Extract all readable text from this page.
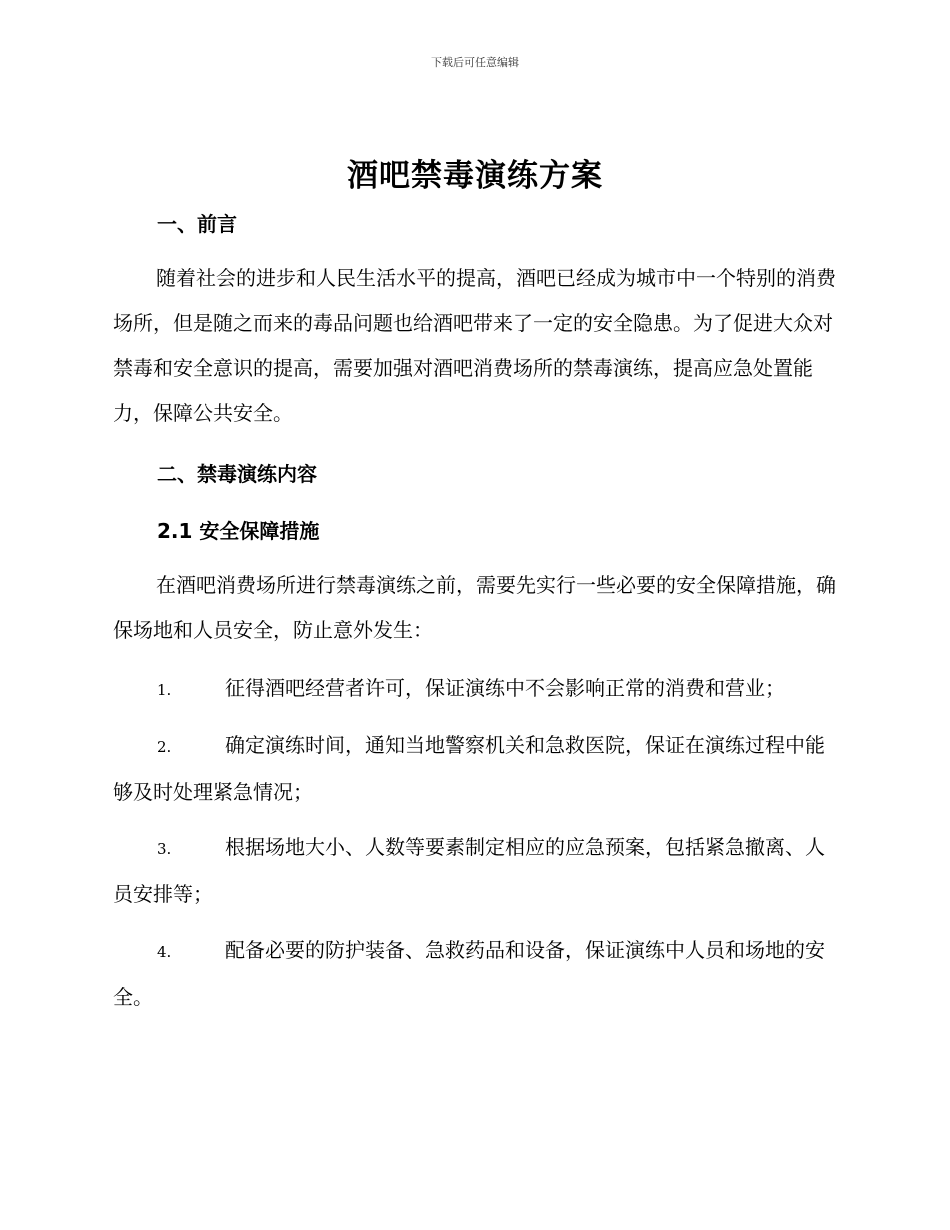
下载后可任意编辑
酒吧禁毒演练方案
一、前言

随着社会的进步和人民生活水平的提高，酒吧已经成为城市中一个特别的消费场所，但是随之而来的毒品问题也给酒吧带来了一定的安全隐患。为了促进大众对禁毒和安全意识的提高，需要加强对酒吧消费场所的禁毒演练，提高应急处置能力，保障公共安全。

二、禁毒演练内容
2.1 安全保障措施

在酒吧消费场所进行禁毒演练之前，需要先实行一些必要的安全保障措施，确保场地和人员安全，防止意外发生：

1.	征得酒吧经营者许可，保证演练中不会影响正常的消费和营业；

2.	确定演练时间，通知当地警察机关和急救医院，保证在演练过程中能够及时处理紧急情况；

3.	根据场地大小、人数等要素制定相应的应急预案，包括紧急撤离、人员安排等；

4.	配备必要的防护装备、急救药品和设备，保证演练中人员和场地的安全。
